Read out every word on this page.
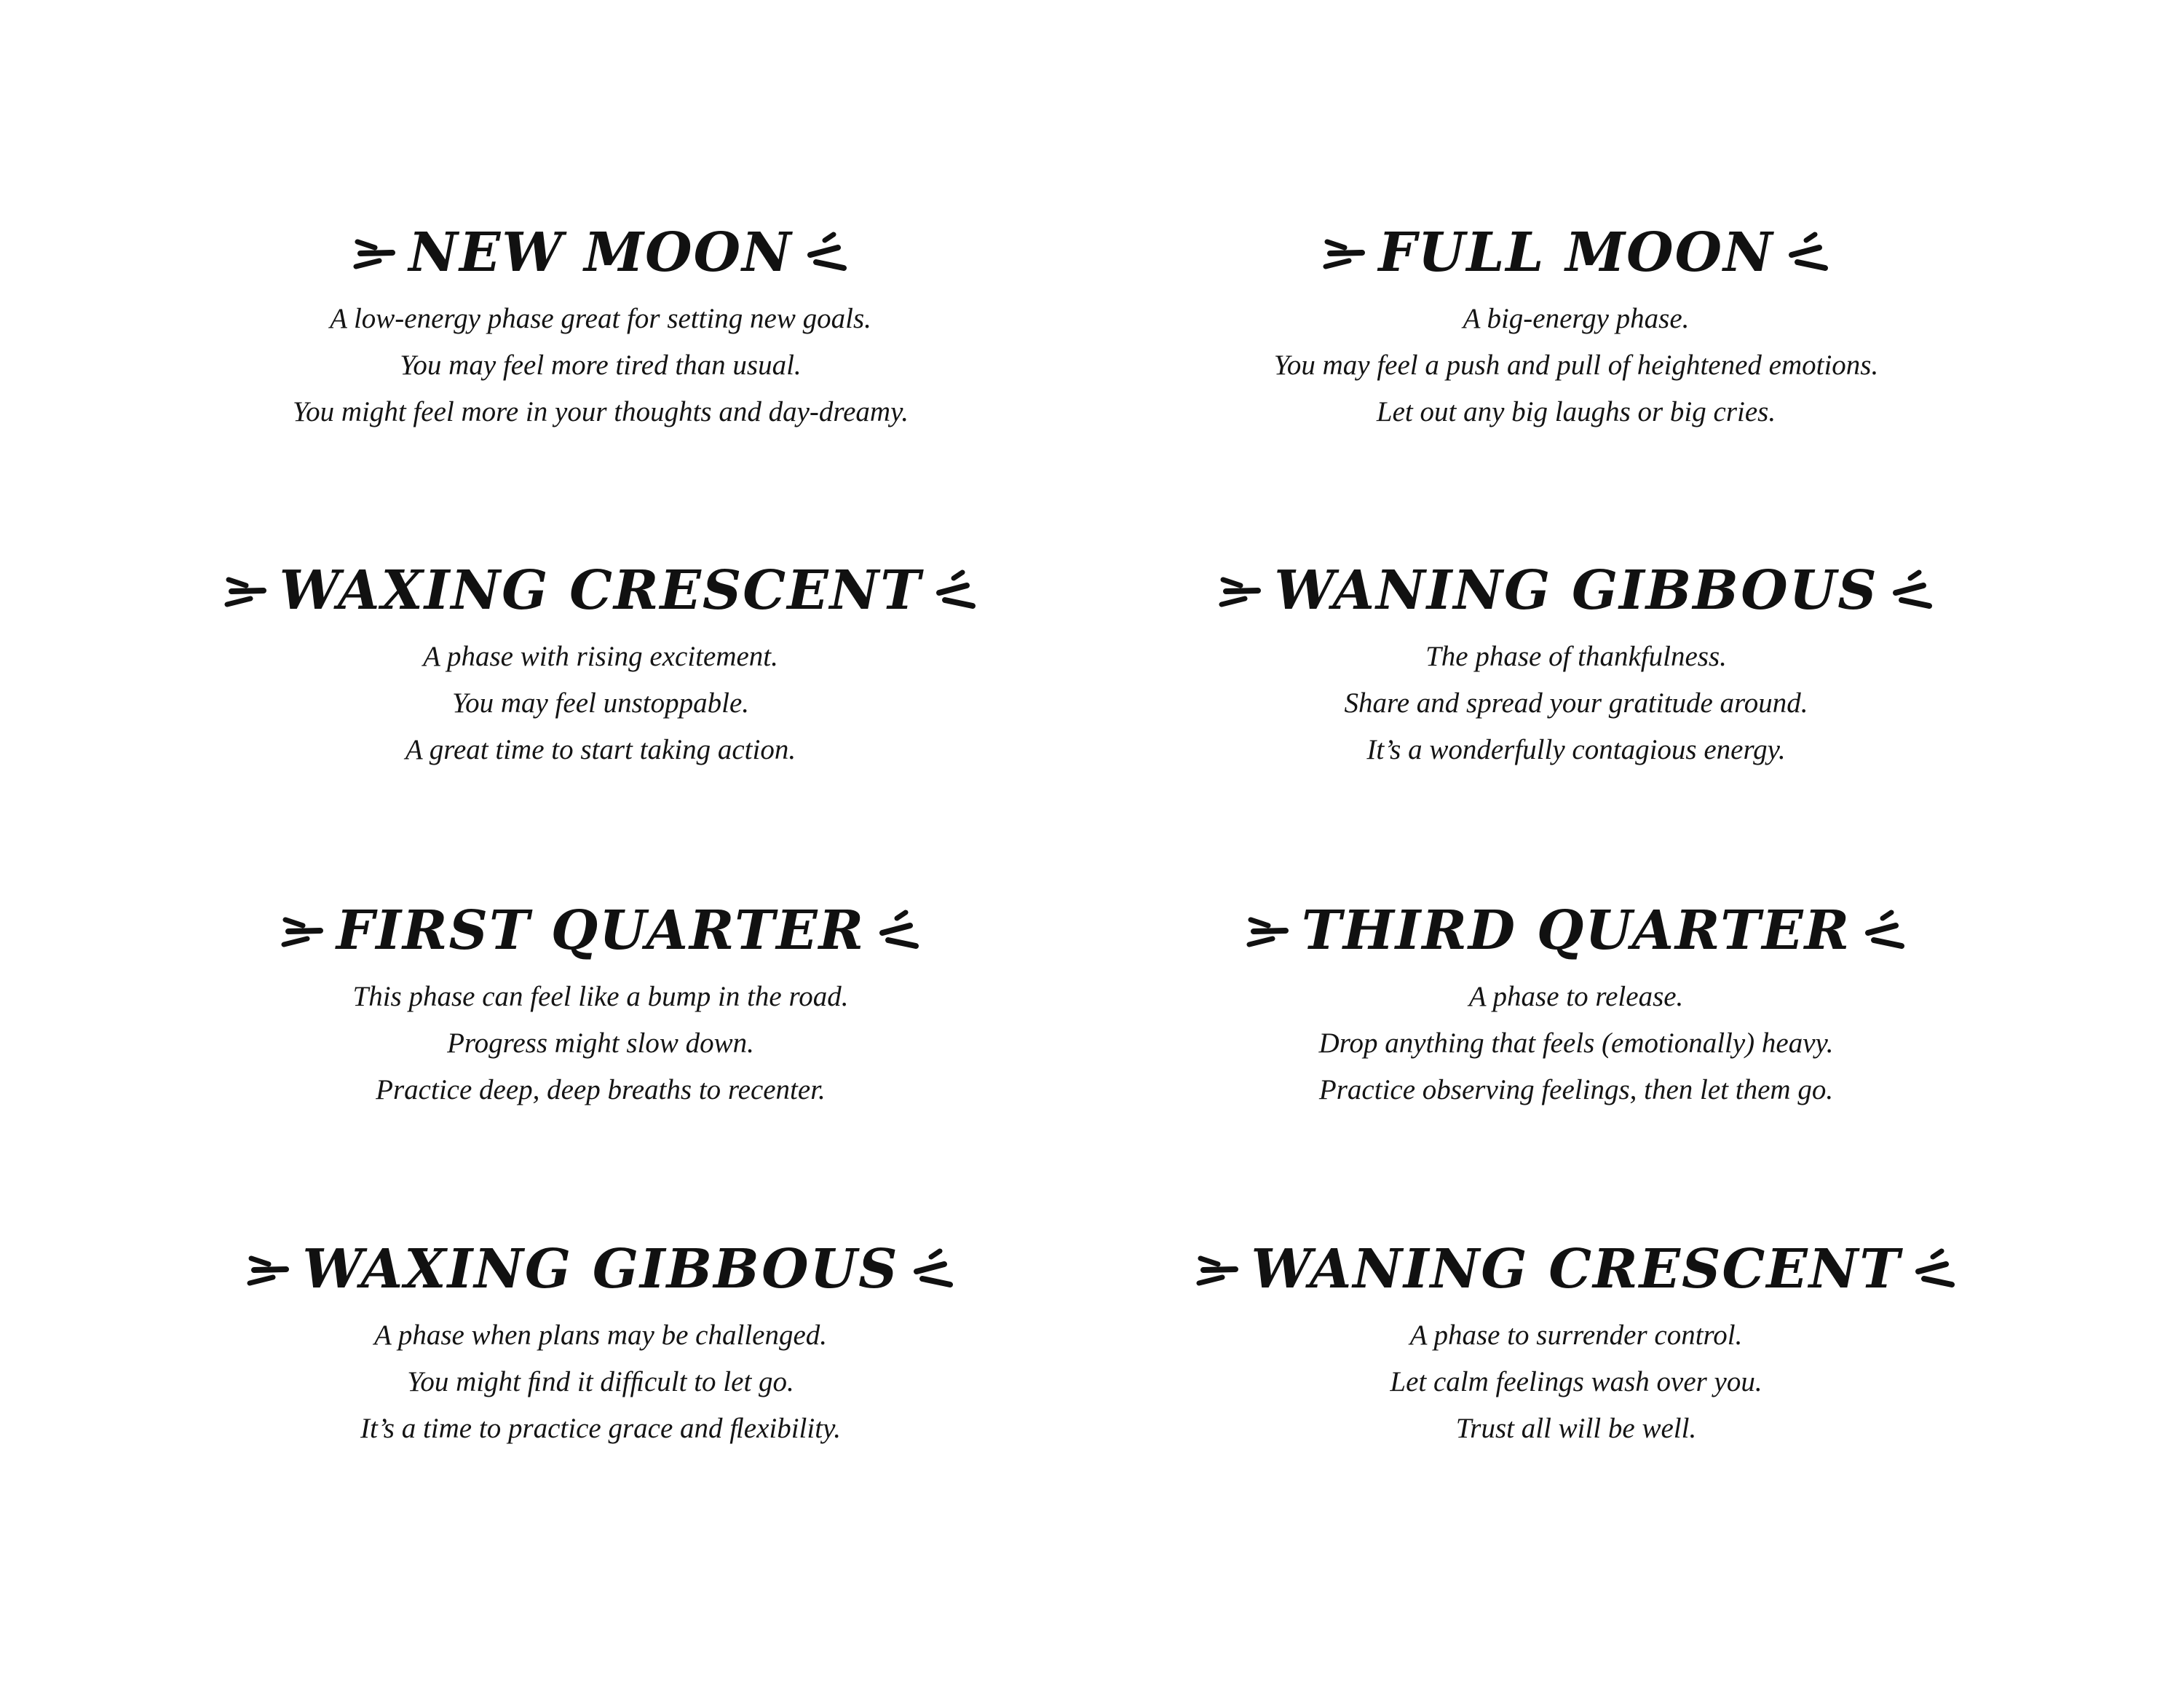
NEW MOON
A low-energy phase great for setting new goals.
You may feel more tired than usual.
You might feel more in your thoughts and day-dreamy.
FULL MOON
A big-energy phase.
You may feel a push and pull of heightened emotions.
Let out any big laughs or big cries.
WAXING CRESCENT
A phase with rising excitement.
You may feel unstoppable.
A great time to start taking action.
WANING GIBBOUS
The phase of thankfulness.
Share and spread your gratitude around.
It’s a wonderfully contagious energy.
FIRST QUARTER
This phase can feel like a bump in the road.
Progress might slow down.
Practice deep, deep breaths to recenter.
THIRD QUARTER
A phase to release.
Drop anything that feels (emotionally) heavy.
Practice observing feelings, then let them go.
WAXING GIBBOUS
A phase when plans may be challenged.
You might ﬁnd it difﬁcult to let go.
It’s a time to practice grace and ﬂexibility.
WANING CRESCENT
A phase to surrender control.
Let calm feelings wash over you.
Trust all will be well.
